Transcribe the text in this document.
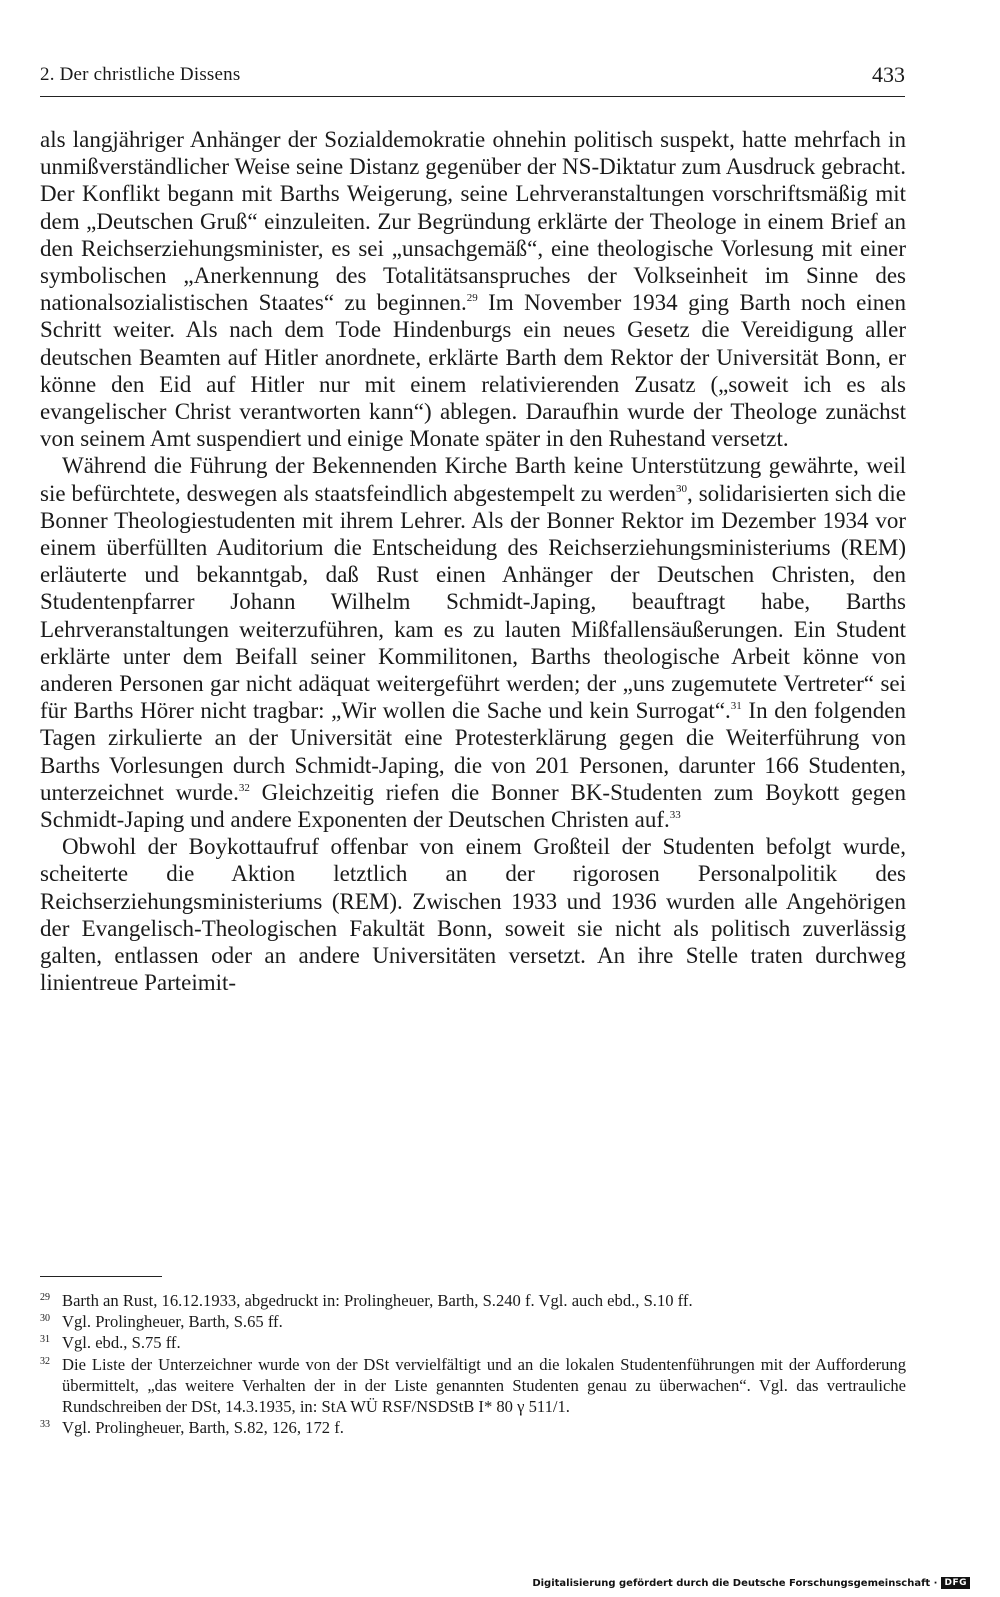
2. Der christliche Dissens	433

als langjähriger Anhänger der Sozialdemokratie ohnehin politisch suspekt, hatte mehrfach in unmißverständlicher Weise seine Distanz gegenüber der NS-Diktatur zum Ausdruck gebracht. Der Konflikt begann mit Barths Weigerung, seine Lehrveranstaltungen vorschriftsmäßig mit dem „Deutschen Gruß“ einzuleiten. Zur Begründung erklärte der Theologe in einem Brief an den Reichserziehungsminister, es sei „unsachgemäß“, eine theologische Vorlesung mit einer symbolischen „Anerkennung des Totalitätsanspruches der Volkseinheit im Sinne des nationalsozialistischen Staates“ zu beginnen.$^{29}$ Im November 1934 ging Barth noch einen Schritt weiter. Als nach dem Tode Hindenburgs ein neues Gesetz die Vereidigung aller deutschen Beamten auf Hitler anordnete, erklärte Barth dem Rektor der Universität Bonn, er könne den Eid auf Hitler nur mit einem relativierenden Zusatz („soweit ich es als evangelischer Christ verantworten kann“) ablegen. Daraufhin wurde der Theologe zunächst von seinem Amt suspendiert und einige Monate später in den Ruhestand versetzt.

Während die Führung der Bekennenden Kirche Barth keine Unterstützung gewährte, weil sie befürchtete, deswegen als staatsfeindlich abgestempelt zu werden$^{30}$, solidarisierten sich die Bonner Theologiestudenten mit ihrem Lehrer. Als der Bonner Rektor im Dezember 1934 vor einem überfüllten Auditorium die Entscheidung des Reichserziehungsministeriums (REM) erläuterte und bekanntgab, daß Rust einen Anhänger der Deutschen Christen, den Studentenpfarrer Johann Wilhelm Schmidt-Japing, beauftragt habe, Barths Lehrveranstaltungen weiterzuführen, kam es zu lauten Mißfallensäußerungen. Ein Student erklärte unter dem Beifall seiner Kommilitonen, Barths theologische Arbeit könne von anderen Personen gar nicht adäquat weitergeführt werden; der „uns zugemutete Vertreter“ sei für Barths Hörer nicht tragbar: „Wir wollen die Sache und kein Surrogat“.$^{31}$ In den folgenden Tagen zirkulierte an der Universität eine Protesterklärung gegen die Weiterführung von Barths Vorlesungen durch Schmidt-Japing, die von 201 Personen, darunter 166 Studenten, unterzeichnet wurde.$^{32}$ Gleichzeitig riefen die Bonner BK-Studenten zum Boykott gegen Schmidt-Japing und andere Exponenten der Deutschen Christen auf.$^{33}$

Obwohl der Boykottaufruf offenbar von einem Großteil der Studenten befolgt wurde, scheiterte die Aktion letztlich an der rigorosen Personalpolitik des Reichserziehungsministeriums (REM). Zwischen 1933 und 1936 wurden alle Angehörigen der Evangelisch-Theologischen Fakultät Bonn, soweit sie nicht als politisch zuverlässig galten, entlassen oder an andere Universitäten versetzt. An ihre Stelle traten durchweg linientreue Parteimit-

29 Barth an Rust, 16.12.1933, abgedruckt in: Prolingheuer, Barth, S.240 f. Vgl. auch ebd., S.10 ff.
30 Vgl. Prolingheuer, Barth, S.65 ff.
31 Vgl. ebd., S.75 ff.
32 Die Liste der Unterzeichner wurde von der DSt vervielfältigt und an die lokalen Studentenführungen mit der Aufforderung übermittelt, „das weitere Verhalten der in der Liste genannten Studenten genau zu überwachen“. Vgl. das vertrauliche Rundschreiben der DSt, 14.3.1935, in: StA WÜ RSF/NSDStB I* 80 γ 511/1.
33 Vgl. Prolingheuer, Barth, S.82, 126, 172 f.
Digitalisierung gefördert durch die Deutsche Forschungsgemeinschaft · DFG
